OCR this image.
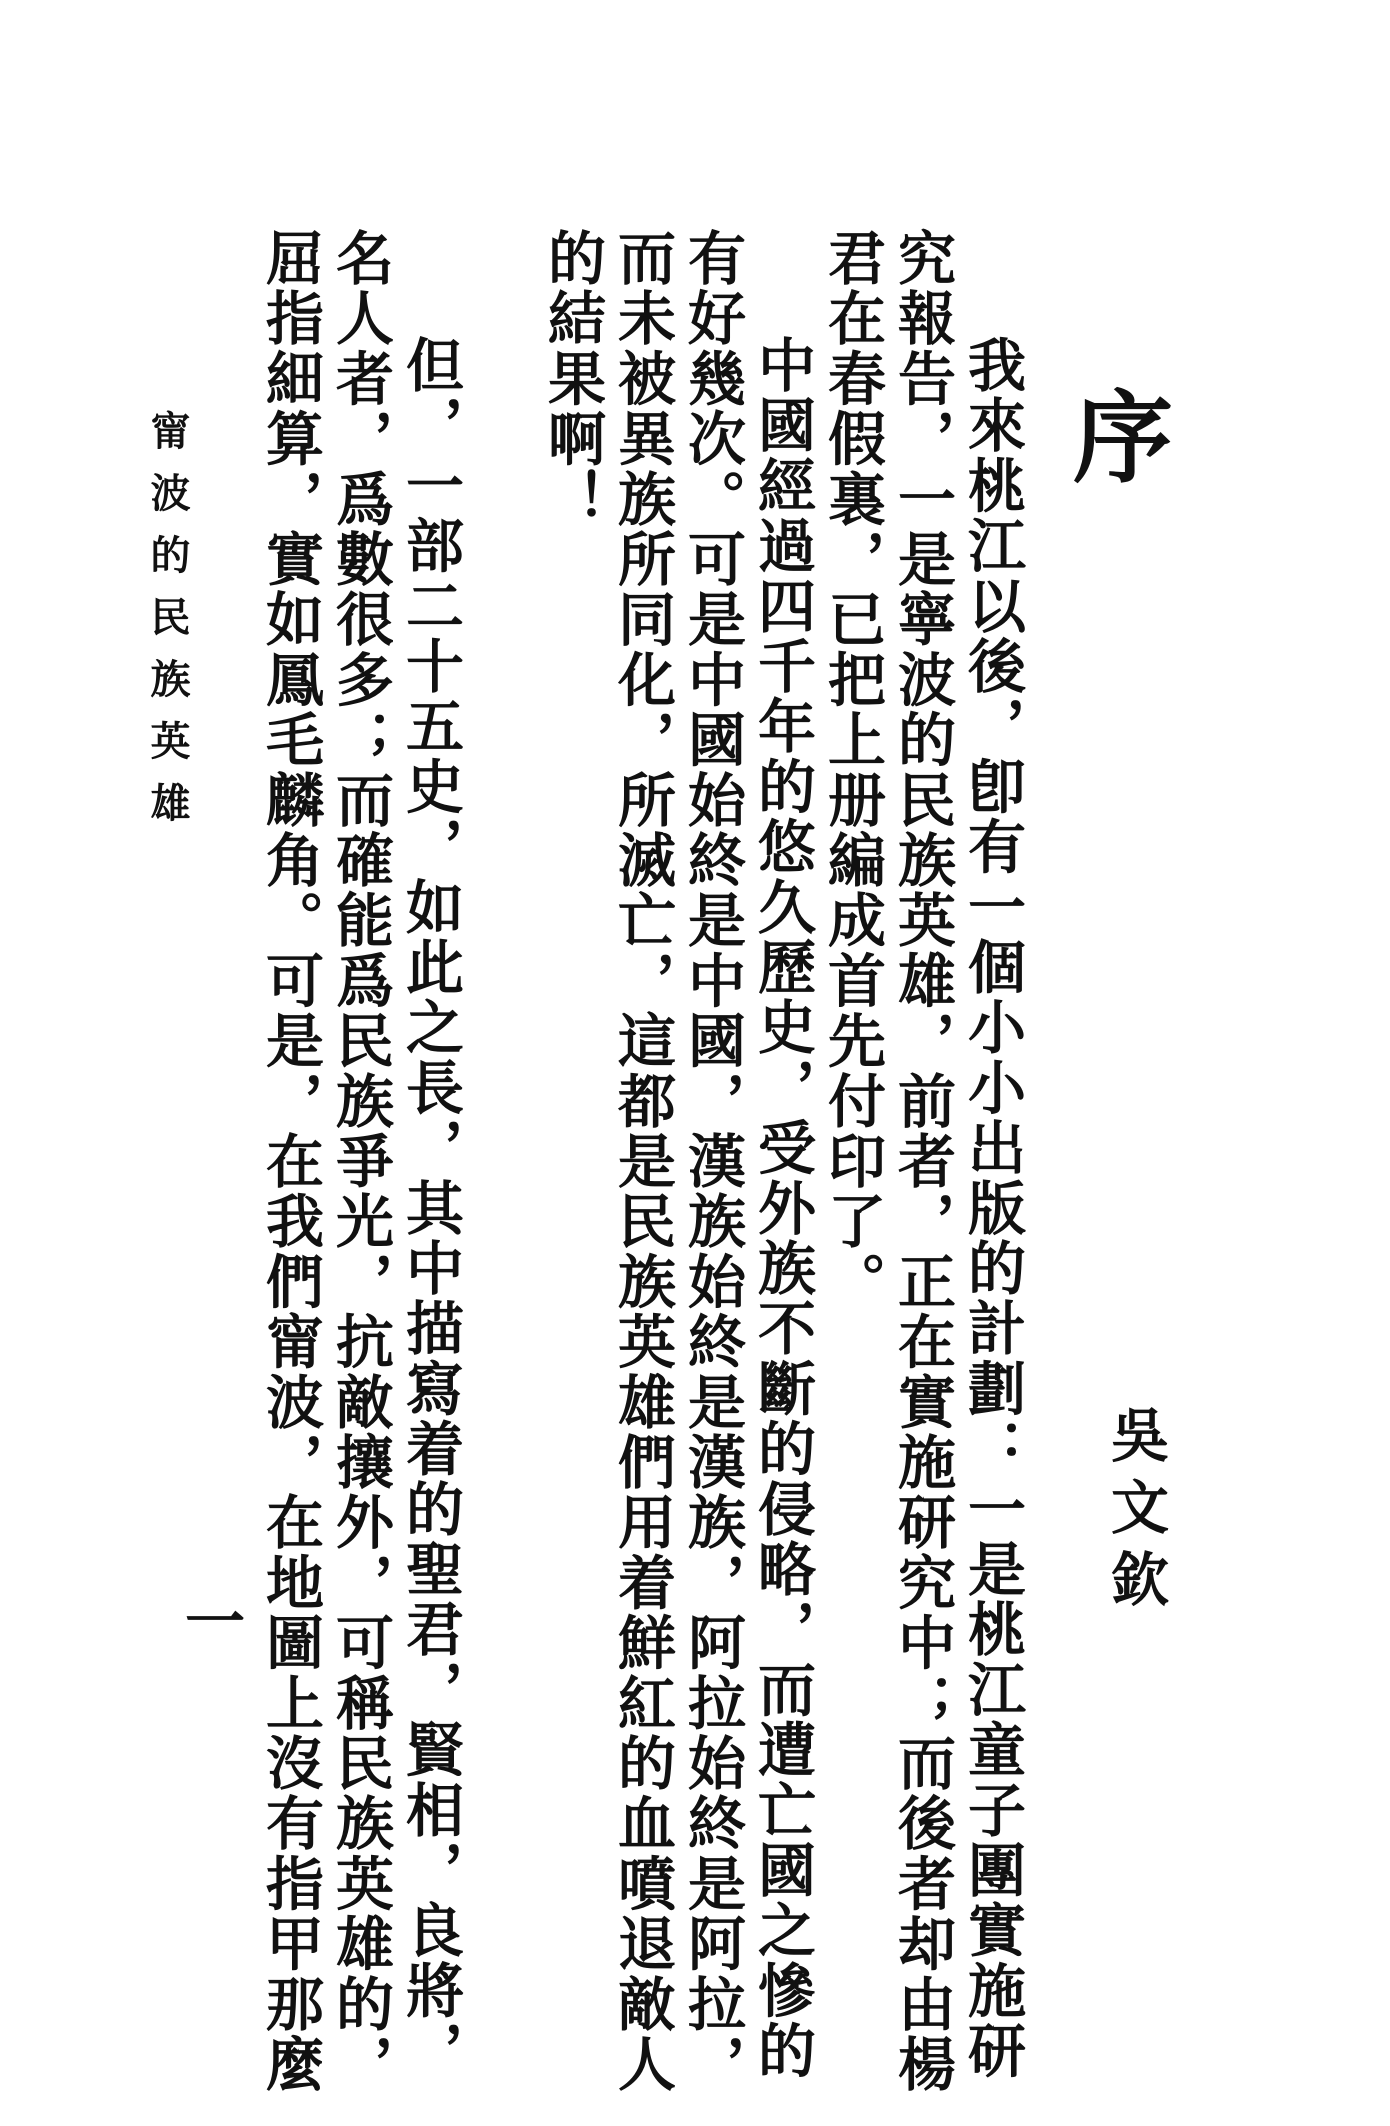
序
吳文欽
我來桃江以後，卽有一個小小出版的計劃：一是桃江童子團實施研
究報告，一是寧波的民族英雄，前者，正在實施研究中；而後者却由楊
君在春假裏，已把上册編成首先付印了。
中國經過四千年的悠久歷史，受外族不斷的侵略，而遭亡國之慘的
有好幾次。可是中國始終是中國，漢族始終是漢族，阿拉始終是阿拉，
而未被異族所同化，所滅亡，這都是民族英雄們用着鮮紅的血噴退敵人
的結果啊！
但，一部二十五史，如此之長，其中描寫着的聖君，賢相，良將，
名人者，爲數很多；而確能爲民族爭光，抗敵攘外，可稱民族英雄的，
屈指細算，實如鳳毛麟角。可是，在我們甯波，在地圖上沒有指甲那麼
甯波的民族英雄
一
